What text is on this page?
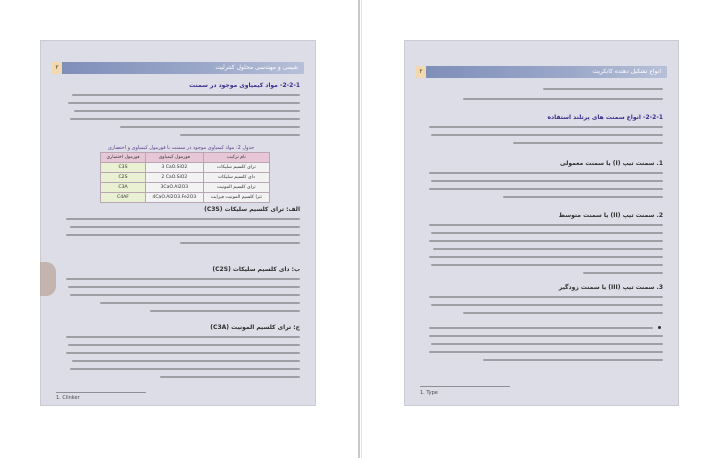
شیمی و مهندسی محلول کنترلیت
۲
2-2-1- مواد کیمیاوی موجود در سمنت
جدول 2: مواد کیمیاوی موجود در سمنت با فورمول کیمیاوی و اختصاری
فورمول اختصاری	فورمول کیمیاوی	نام ترکیب
C3S	3 CaO.SiO2	ترای کلسیم سلیکات
C2S	2 CaO.SiO2	دای کلسیم سلیکات
C3A	3CaO.Al2O3	ترای کلسیم المونیت
C4AF	4CaO.Al2O3.Fe2O3	تترا کلسیم المونیت فیرایت
الف: ترای کلسیم سلیکات (C3S)
ب: دای کلسیم سلیکات (C2S)
ج: ترای کلسیم المونیت (C3A)
1. Clinker
انواع تشکیل دهنده کانکریت
۲
2-2-1- انواع سمنت های پرتلند استفاده
1. سمنت تیپ (I) یا سمنت معمولی
2. سمنت تیپ (II) یا سمنت متوسط
3. سمنت تیپ (III) یا سمنت زودگیر
1. Type
